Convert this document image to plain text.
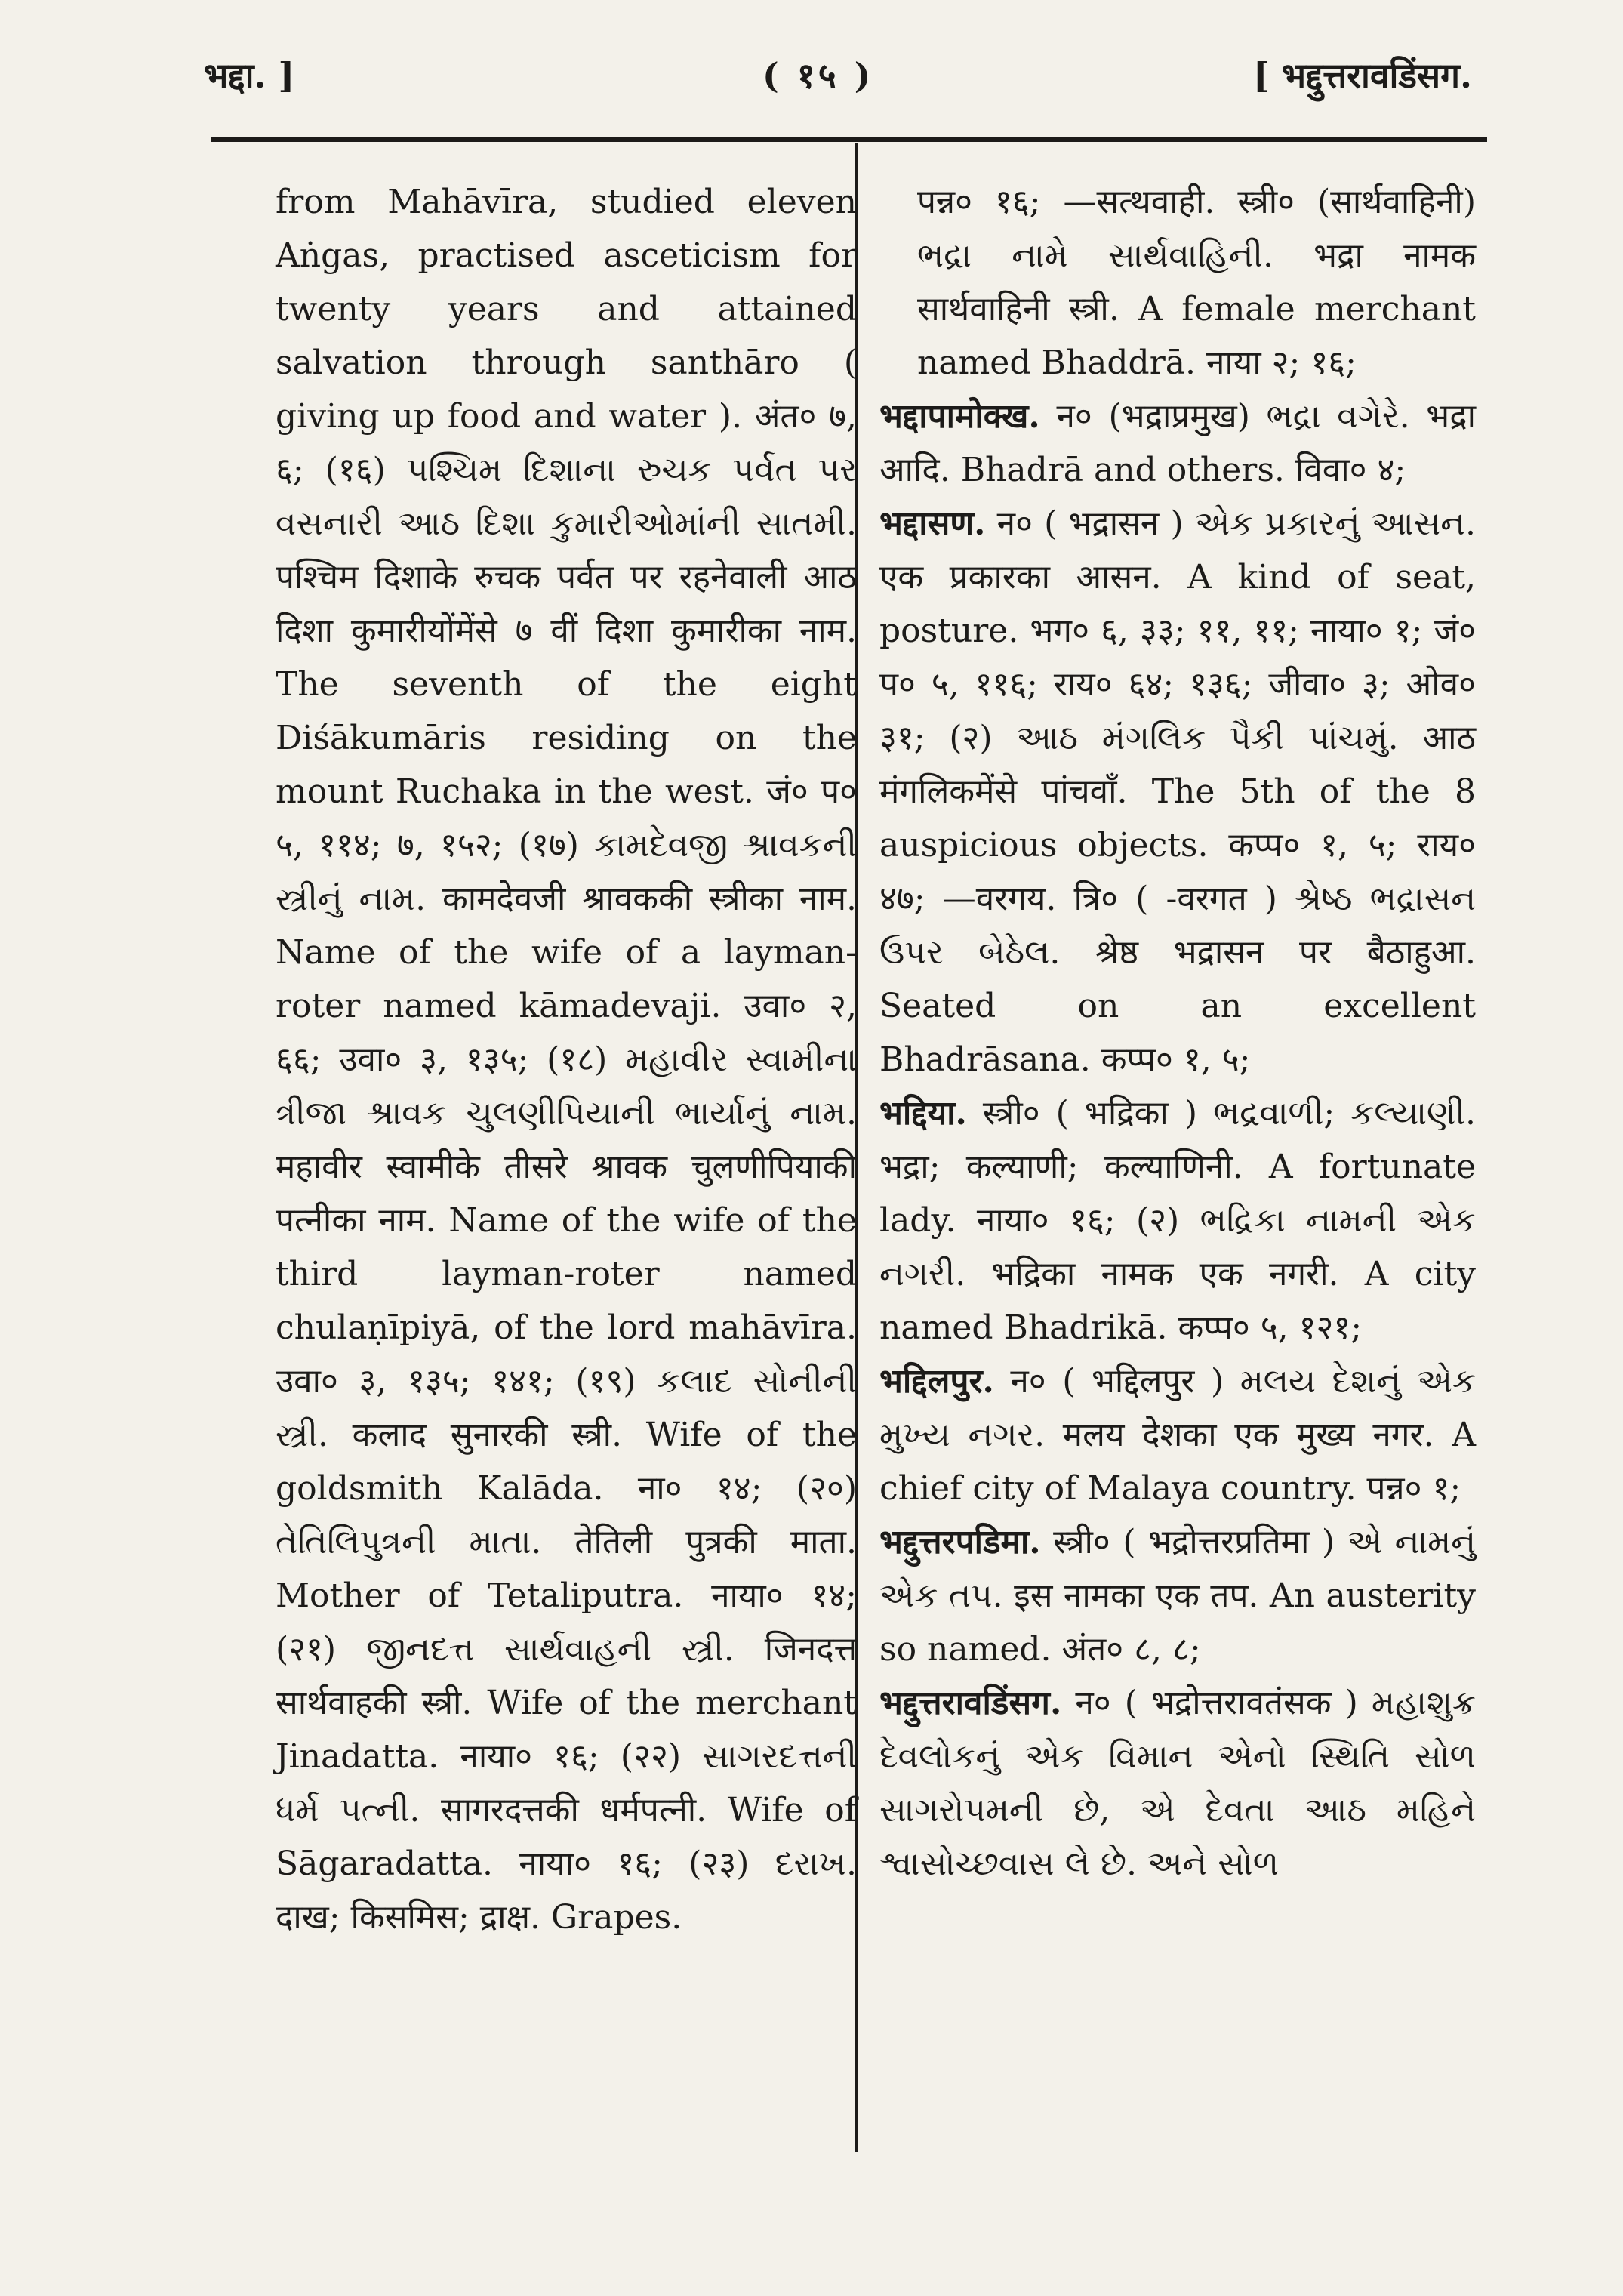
भद्दा. ]	( १५ )	[ भद्दुत्तरावडिंसग.

from Mahāvīra, studied eleven Aṅgas, practised asceticism for twenty years and attained salvation through santhāro ( giving up food and water ). अंत० ७, ६; (१६) પશ્ચિમ દિશાના રુચક પર્વત પર વસનારી આઠ દિશા કુમારીઓમાંની સાતમી. पश्चिम दिशाके रुचक पर्वत पर रहनेवाली आठ दिशा कुमारीयोंमेंसे ७ वीं दिशा कुमारीका नाम. The seventh of the eight Diśākumāris residing on the mount Ruchaka in the west. जं० प० ५, ११४; ७, १५२; (१७) કામદેવજી શ્રાવકની સ્ત્રીનું નામ. कामदेवजी श्रावककी स्त्रीका नाम. Name of the wife of a layman-roter named kāmadevaji. उवा० २, ६६; उवा० ३, १३५; (१८) મહાવીર સ્વામીના ત્રીજા શ્રાવક ચુલણીપિયાની ભાર્યાનું નામ. महावीर स्वामीके तीसरे श्रावक चुलणीपियाकी पत्नीका नाम. Name of the wife of the third layman-roter named chulaṇīpiyā, of the lord mahāvīra. उवा० ३, १३५; १४१; (१९) કલાદ સોનીની સ્ત્રી. कलाद सुनारकी स्त्री. Wife of the goldsmith Kalāda. ना० १४; (२०) તેતિલિપુત્રની માતા. तेतिली पुत्रकी माता. Mother of Tetaliputra. नाया० १४; (२१) જીનદત્ત સાર્થવાહની સ્ત્રી. जिनदत्त सार्थवाहकी स्त्री. Wife of the merchant Jinadatta. नाया० १६; (२२) સાગરદત્તની ધર્મ પત્ની. सागरदत्तकी धर्मपत्नी. Wife of Sāgaradatta. नाया० १६; (२३) દરાખ. दाख; किसमिस; द्राक्ष. Grapes.

पन्न० १६; —सत्थवाही. स्त्री० (सार्थवाहिनी) ભદ્રા નામે સાર્થવાહિની. भद्रा नामक सार्थवाहिनी स्त्री. A female merchant named Bhaddrā. नाया २; १६;

भद्दापामोक्ख. न० (भद्राप्रमुख) ભદ્રા વગેરે. भद्रा आदि. Bhadrā and others. विवा० ४;

भद्दासण. न० ( भद्रासन ) એક પ્રકારનું આસન. एक प्रकारका आसन. A kind of seat, posture. भग० ६, ३३; ११, ११; नाया० १; जं० प० ५, ११६; राय० ६४; १३६; जीवा० ३; ओव० ३१; (२) આઠ મંગલિક પૈકી પાંચમું. आठ मंगलिकमेंसे पांचवाँ. The 5th of the 8 auspicious objects. कप्प० १, ५; राय० ४७; —वरगय. त्रि० ( -वरगत ) શ્રેષ્ઠ ભદ્રાસન ઉપર બેઠેલ. श्रेष्ठ भद्रासन पर बैठाहुआ. Seated on an excellent Bhadrāsana. कप्प० १, ५;

भद्दिया. स्त्री० ( भद्रिका ) ભદ્રવાળી; કલ્યાણી. भद्रा; कल्याणी; कल्याणिनी. A fortunate lady. नाया० १६; (२) ભદ્રિકા નામની એક નગરી. भद्रिका नामक एक नगरी. A city named Bhadrikā. कप्प० ५, १२१;

भद्दिलपुर. न० ( भद्दिलपुर ) મલય દેશનું એક મુખ્ય નગર. मलय देशका एक मुख्य नगर. A chief city of Malaya country. पन्न० १;

भद्दुत्तरपडिमा. स्त्री० ( भद्रोत्तरप्रतिमा ) એ નામનું એક તપ. इस नामका एक तप. An austerity so named. अंत० ८, ८;

भद्दुत्तरावडिंसग. न० ( भद्रोत्तरावतंसक ) મહાશુક્ર દેવલોકનું એક વિમાન એનો સ્થિતિ સોળ સાગરોપમની છે, એ દેવતા આઠ મહિને શ્વાસોચ્છવાસ લે છે. અને સોળ
